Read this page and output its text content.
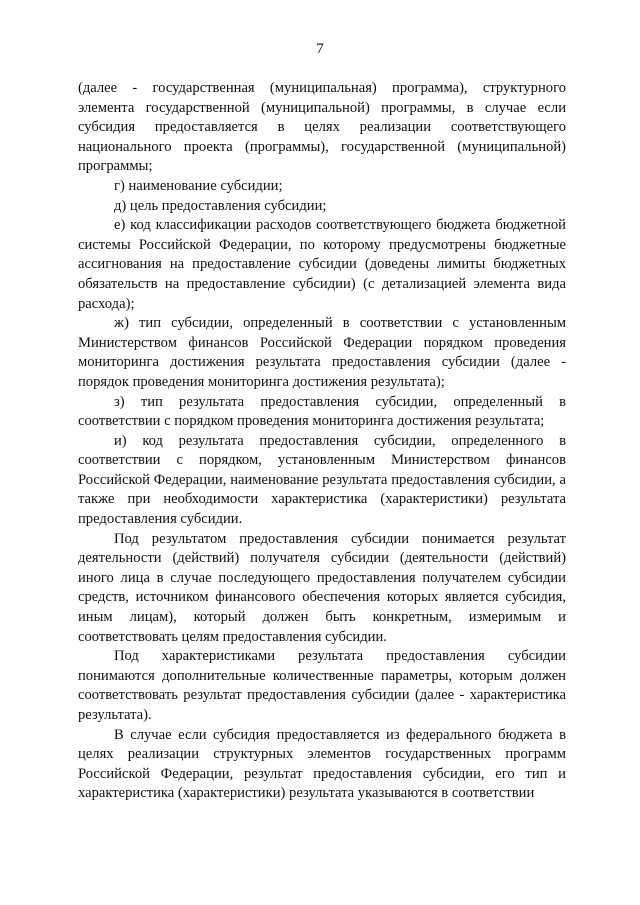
7

(далее - государственная (муниципальная) программа), структурного элемента государственной (муниципальной) программы, в случае если субсидия предоставляется в целях реализации соответствующего национального проекта (программы), государственной (муниципальной) программы;

г) наименование субсидии;

д) цель предоставления субсидии;

е) код классификации расходов соответствующего бюджета бюджетной системы Российской Федерации, по которому предусмотрены бюджетные ассигнования на предоставление субсидии (доведены лимиты бюджетных обязательств на предоставление субсидии) (с детализацией элемента вида расхода);

ж) тип субсидии, определенный в соответствии с установленным Министерством финансов Российской Федерации порядком проведения мониторинга достижения результата предоставления субсидии (далее - порядок проведения мониторинга достижения результата);

з) тип результата предоставления субсидии, определенный в соответствии с порядком проведения мониторинга достижения результата;

и) код результата предоставления субсидии, определенного в соответствии с порядком, установленным Министерством финансов Российской Федерации, наименование результата предоставления субсидии, а также при необходимости характеристика (характеристики) результата предоставления субсидии.

Под результатом предоставления субсидии понимается результат деятельности (действий) получателя субсидии (деятельности (действий) иного лица в случае последующего предоставления получателем субсидии средств, источником финансового обеспечения которых является субсидия, иным лицам), который должен быть конкретным, измеримым и соответствовать целям предоставления субсидии.

Под характеристиками результата предоставления субсидии понимаются дополнительные количественные параметры, которым должен соответствовать результат предоставления субсидии (далее - характеристика результата).

В случае если субсидия предоставляется из федерального бюджета в целях реализации структурных элементов государственных программ Российской Федерации, результат предоставления субсидии, его тип и характеристика (характеристики) результата указываются в соответствии
